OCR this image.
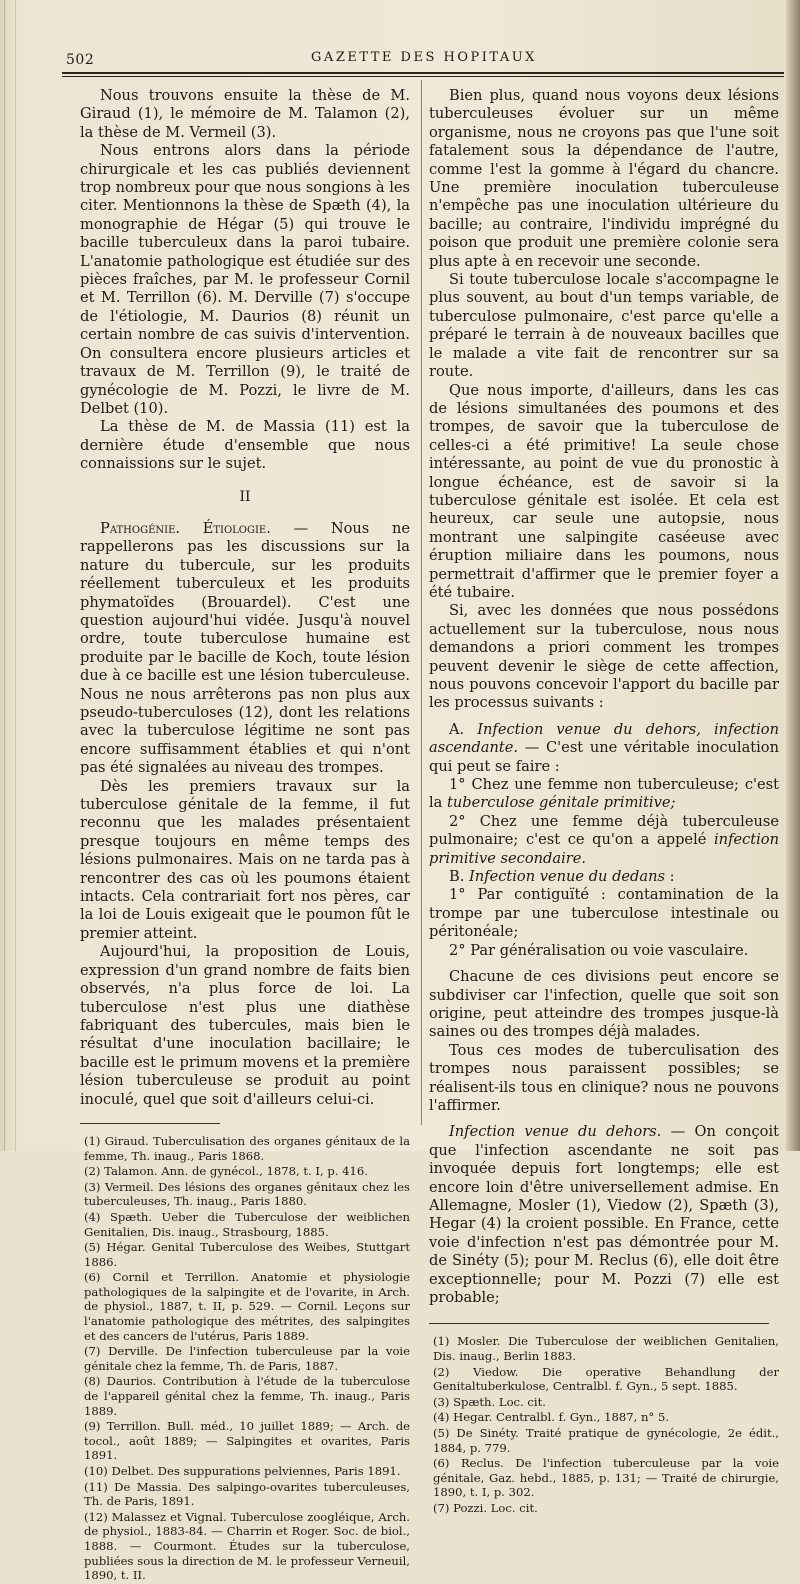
502	GAZETTE DES HOPITAUX

Nous trouvons ensuite la thèse de M. Giraud (1), le mémoire de M. Talamon (2), la thèse de M. Vermeil (3).

Nous entrons alors dans la période chirurgicale et les cas publiés deviennent trop nombreux pour que nous songions à les citer. Mentionnons la thèse de Spæth (4), la monographie de Hégar (5) qui trouve le bacille tuberculeux dans la paroi tubaire. L'anatomie pathologique est étudiée sur des pièces fraîches, par M. le professeur Cornil et M. Terrillon (6). M. Derville (7) s'occupe de l'étiologie, M. Daurios (8) réunit un certain nombre de cas suivis d'intervention. On consultera encore plusieurs articles et travaux de M. Terrillon (9), le traité de gynécologie de M. Pozzi, le livre de M. Delbet (10).

La thèse de M. de Massia (11) est la dernière étude d'ensemble que nous connaissions sur le sujet.

II

Pathogénie. Étiologie. — Nous ne rappellerons pas les discussions sur la nature du tubercule, sur les produits réellement tuberculeux et les produits phymatoïdes (Brouardel). C'est une question aujourd'hui vidée. Jusqu'à nouvel ordre, toute tuberculose humaine est produite par le bacille de Koch, toute lésion due à ce bacille est une lésion tuberculeuse. Nous ne nous arrêterons pas non plus aux pseudo-tuberculoses (12), dont les relations avec la tuberculose légitime ne sont pas encore suffisamment établies et qui n'ont pas été signalées au niveau des trompes.

Dès les premiers travaux sur la tuberculose génitale de la femme, il fut reconnu que les malades présentaient presque toujours en même temps des lésions pulmonaires. Mais on ne tarda pas à rencontrer des cas où les poumons étaient intacts. Cela contrariait fort nos pères, car la loi de Louis exigeait que le poumon fût le premier atteint.

Aujourd'hui, la proposition de Louis, expression d'un grand nombre de faits bien observés, n'a plus force de loi. La tuberculose n'est plus une diathèse fabriquant des tubercules, mais bien le résultat d'une inoculation bacillaire; le bacille est le primum movens et la première lésion tuberculeuse se produit au point inoculé, quel que soit d'ailleurs celui-ci.

(1) Giraud. Tuberculisation des organes génitaux de la femme, Th. inaug., Paris 1868.

(2) Talamon. Ann. de gynécol., 1878, t. I, p. 416.

(3) Vermeil. Des lésions des organes génitaux chez les tuberculeuses, Th. inaug., Paris 1880.

(4) Spæth. Ueber die Tuberculose der weiblichen Genitalien, Dis. inaug., Strasbourg, 1885.

(5) Hégar. Genital Tuberculose des Weibes, Stuttgart 1886.

(6) Cornil et Terrillon. Anatomie et physiologie pathologiques de la salpingite et de l'ovarite, in Arch. de physiol., 1887, t. II, p. 529. — Cornil. Leçons sur l'anatomie pathologique des métrites, des salpingites et des cancers de l'utérus, Paris 1889.

(7) Derville. De l'infection tuberculeuse par la voie génitale chez la femme, Th. de Paris, 1887.

(8) Daurios. Contribution à l'étude de la tuberculose de l'appareil génital chez la femme, Th. inaug., Paris 1889.

(9) Terrillon. Bull. méd., 10 juillet 1889; — Arch. de tocol., août 1889; — Salpingites et ovarites, Paris 1891.

(10) Delbet. Des suppurations pelviennes, Paris 1891.

(11) De Massia. Des salpingo-ovarites tuberculeuses, Th. de Paris, 1891.

(12) Malassez et Vignal. Tuberculose zoogléique, Arch. de physiol., 1883-84. — Charrin et Roger. Soc. de biol., 1888. — Courmont. Études sur la tuberculose, publiées sous la direction de M. le professeur Verneuil, 1890, t. II.

Bien plus, quand nous voyons deux lésions tuberculeuses évoluer sur un même organisme, nous ne croyons pas que l'une soit fatalement sous la dépendance de l'autre, comme l'est la gomme à l'égard du chancre. Une première inoculation tuberculeuse n'empêche pas une inoculation ultérieure du bacille; au contraire, l'individu imprégné du poison que produit une première colonie sera plus apte à en recevoir une seconde.

Si toute tuberculose locale s'accompagne le plus souvent, au bout d'un temps variable, de tuberculose pulmonaire, c'est parce qu'elle a préparé le terrain à de nouveaux bacilles que le malade a vite fait de rencontrer sur sa route.

Que nous importe, d'ailleurs, dans les cas de lésions simultanées des poumons et des trompes, de savoir que la tuberculose de celles-ci a été primitive! La seule chose intéressante, au point de vue du pronostic à longue échéance, est de savoir si la tuberculose génitale est isolée. Et cela est heureux, car seule une autopsie, nous montrant une salpingite caséeuse avec éruption miliaire dans les poumons, nous permettrait d'affirmer que le premier foyer a été tubaire.

Si, avec les données que nous possédons actuellement sur la tuberculose, nous nous demandons a priori comment les trompes peuvent devenir le siège de cette affection, nous pouvons concevoir l'apport du bacille par les processus suivants :

A. Infection venue du dehors, infection ascendante. — C'est une véritable inoculation qui peut se faire :

1° Chez une femme non tuberculeuse; c'est la tuberculose génitale primitive;

2° Chez une femme déjà tuberculeuse pulmonaire; c'est ce qu'on a appelé infection primitive secondaire.

B. Infection venue du dedans :

1° Par contiguïté : contamination de la trompe par une tuberculose intestinale ou péritonéale;

2° Par généralisation ou voie vasculaire.

Chacune de ces divisions peut encore se subdiviser car l'infection, quelle que soit son origine, peut atteindre des trompes jusque-là saines ou des trompes déjà malades.

Tous ces modes de tuberculisation des trompes nous paraissent possibles; se réalisent-ils tous en clinique? nous ne pouvons l'affirmer.

Infection venue du dehors. — On conçoit que l'infection ascendante ne soit pas invoquée depuis fort longtemps; elle est encore loin d'être universellement admise. En Allemagne, Mosler (1), Viedow (2), Spæth (3), Hegar (4) la croient possible. En France, cette voie d'infection n'est pas démontrée pour M. de Sinéty (5); pour M. Reclus (6), elle doit être exceptionnelle; pour M. Pozzi (7) elle est probable;

(1) Mosler. Die Tuberculose der weiblichen Genitalien, Dis. inaug., Berlin 1883.

(2) Viedow. Die operative Behandlung der Genitaltuberkulose, Centralbl. f. Gyn., 5 sept. 1885.

(3) Spæth. Loc. cit.

(4) Hegar. Centralbl. f. Gyn., 1887, n° 5.

(5) De Sinéty. Traité pratique de gynécologie, 2e édit., 1884, p. 779.

(6) Reclus. De l'infection tuberculeuse par la voie génitale, Gaz. hebd., 1885, p. 131; — Traité de chirurgie, 1890, t. I, p. 302.

(7) Pozzi. Loc. cit.
